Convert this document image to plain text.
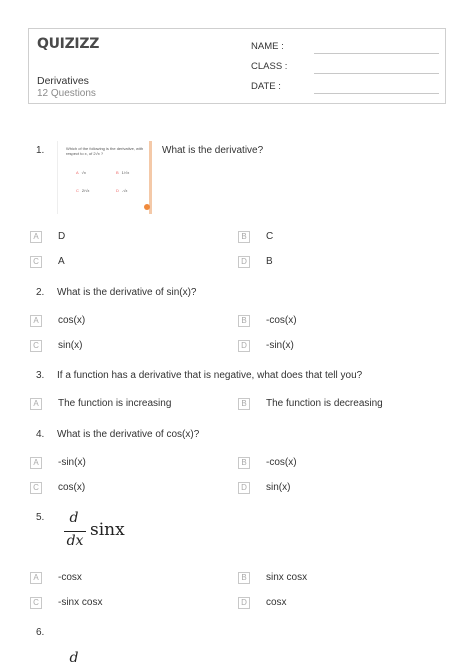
QUIZIZZ
Derivatives
12 Questions
NAME :
CLASS :
DATE :
1.	Which of the following is the derivative, with respect to x, of 2√x ?
A √x	B 1/√x
C 2/√x	D -√x
What is the derivative?
A	D	B	C
C	A	D	B
2. What is the derivative of sin(x)?
A	cos(x)	B	-cos(x)
C	sin(x)	D	-sin(x)
3. If a function has a derivative that is negative, what does that tell you?
A	The function is increasing	B	The function is decreasing
4. What is the derivative of cos(x)?
A	-sin(x)	B	-cos(x)
C	cos(x)	D	sin(x)
5. d
dx
sinx
A	-cosx	B	sinx cosx
C	-sinx cosx	D	cosx
6.
d
